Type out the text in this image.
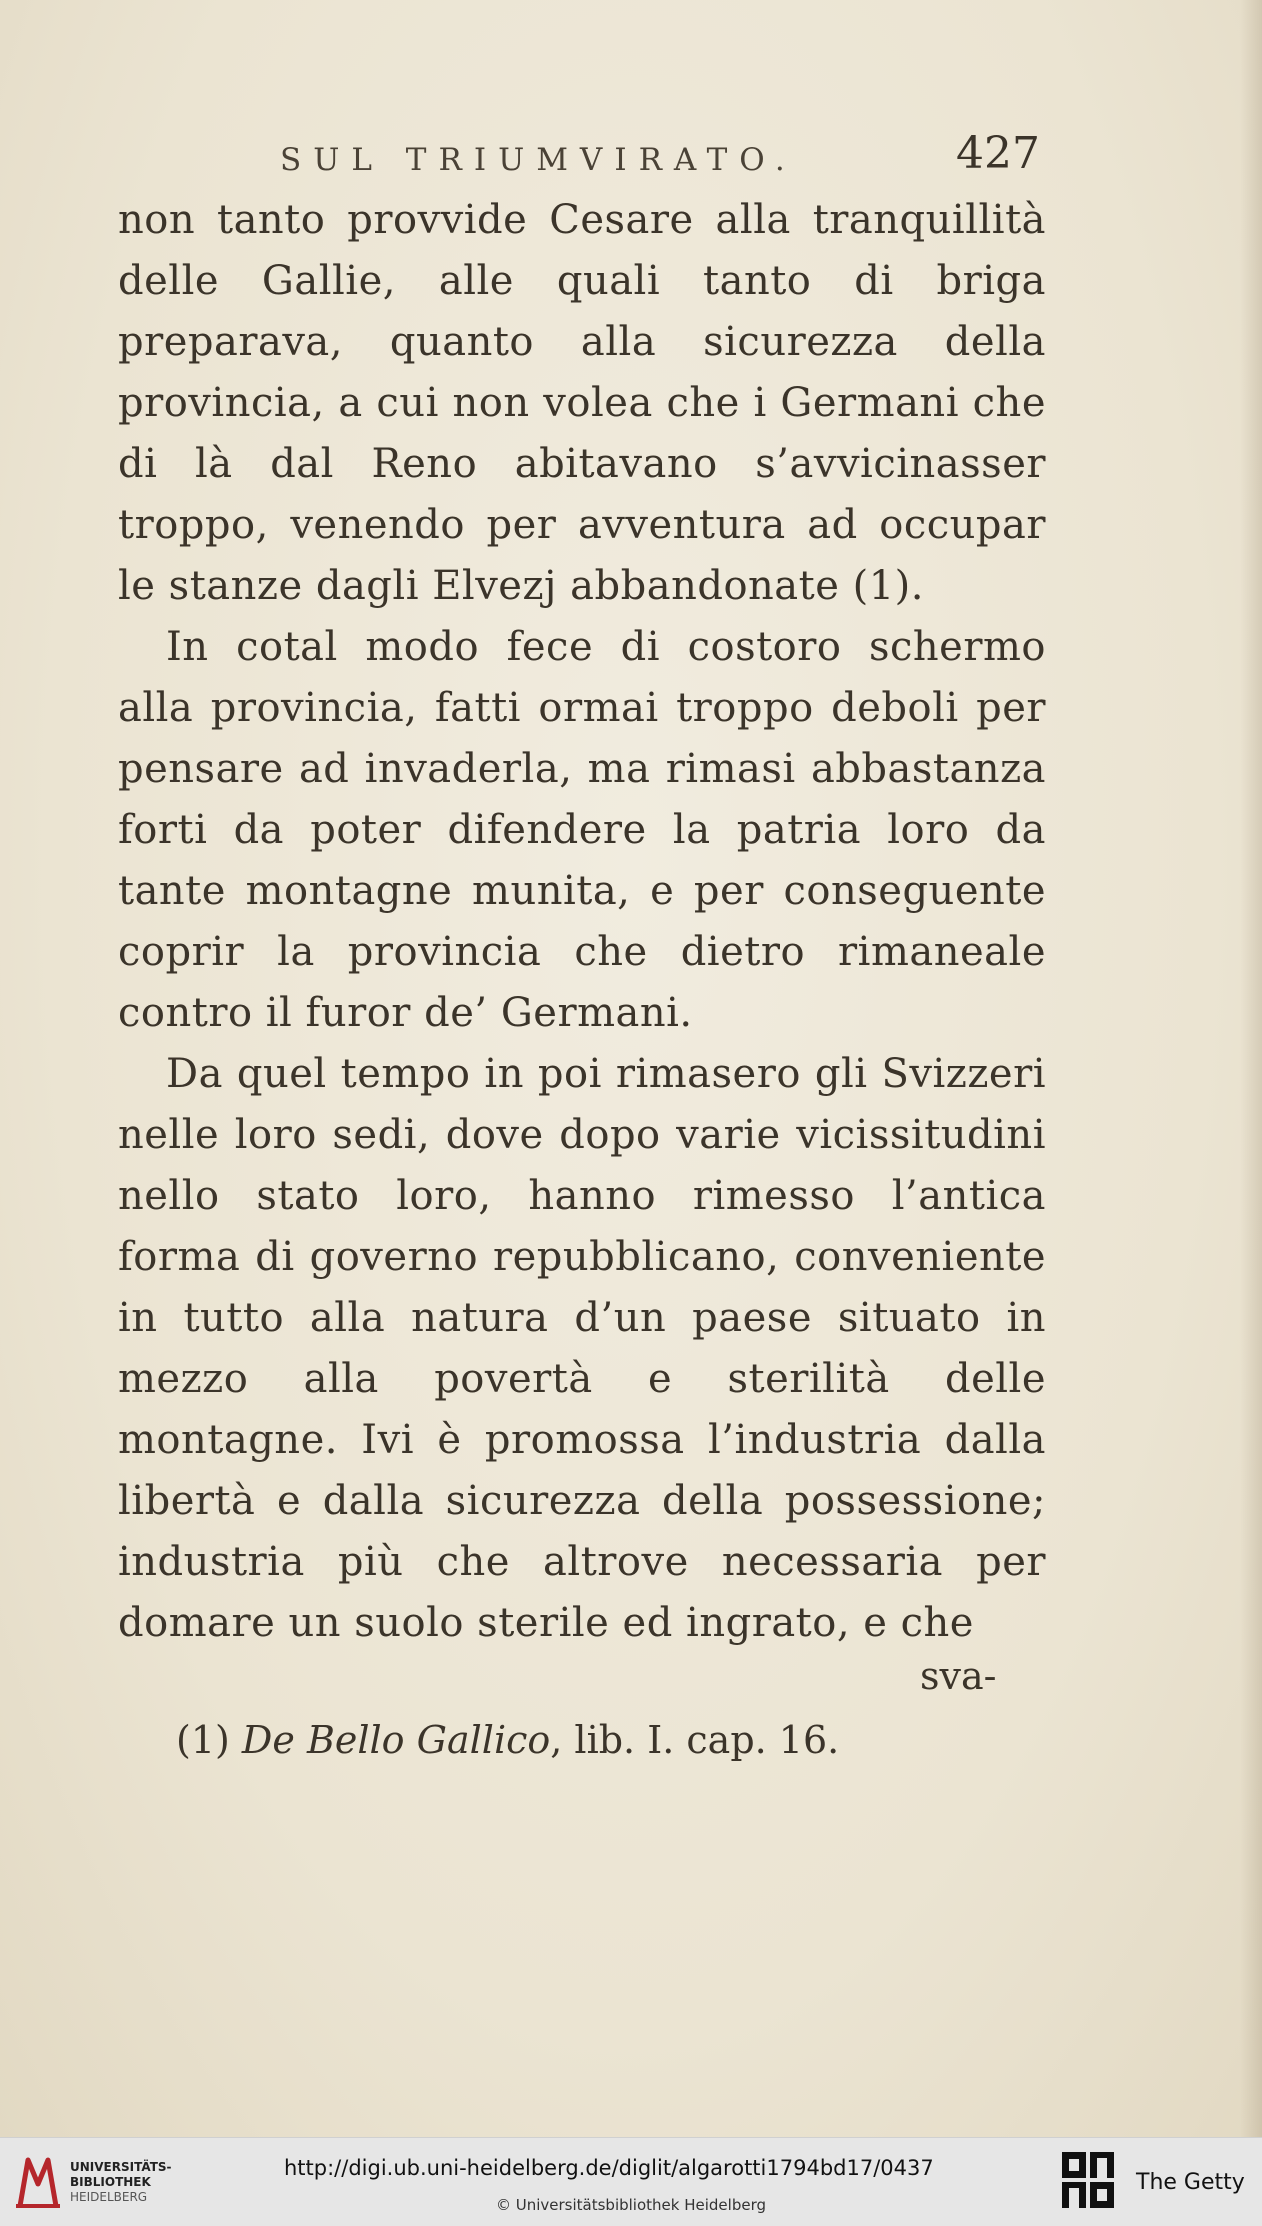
SUL TRIUMVIRATO.	427

non tanto provvide Cesare alla tranquillità delle Gallie, alle quali tanto di briga preparava, quanto alla sicurezza della provincia, a cui non volea che i Germani che di là dal Reno abitavano s’avvicinasser troppo, venendo per avventura ad occupar le stanze dagli Elvezj abbandonate (1).

In cotal modo fece di costoro schermo alla provincia, fatti ormai troppo deboli per pensare ad invaderla, ma rimasi abbastanza forti da poter difendere la patria loro da tante montagne munita, e per conseguente coprir la provincia che dietro rimaneale contro il furor de’ Germani.

Da quel tempo in poi rimasero gli Svizzeri nelle loro sedi, dove dopo varie vicissitudini nello stato loro, hanno rimesso l’antica forma di governo repubblicano, conveniente in tutto alla natura d’un paese situato in mezzo alla povertà e sterilità delle montagne. Ivi è promossa l’industria dalla libertà e dalla sicurezza della possessione; industria più che altrove necessaria per domare un suolo sterile ed ingrato, e che

sva-
(1) De Bello Gallico, lib. I. cap. 16.
UNIVERSITÄTS-
BIBLIOTHEK
HEIDELBERG
http://digi.ub.uni-heidelberg.de/diglit/algarotti1794bd17/0437
© Universitätsbibliothek Heidelberg
The Getty
